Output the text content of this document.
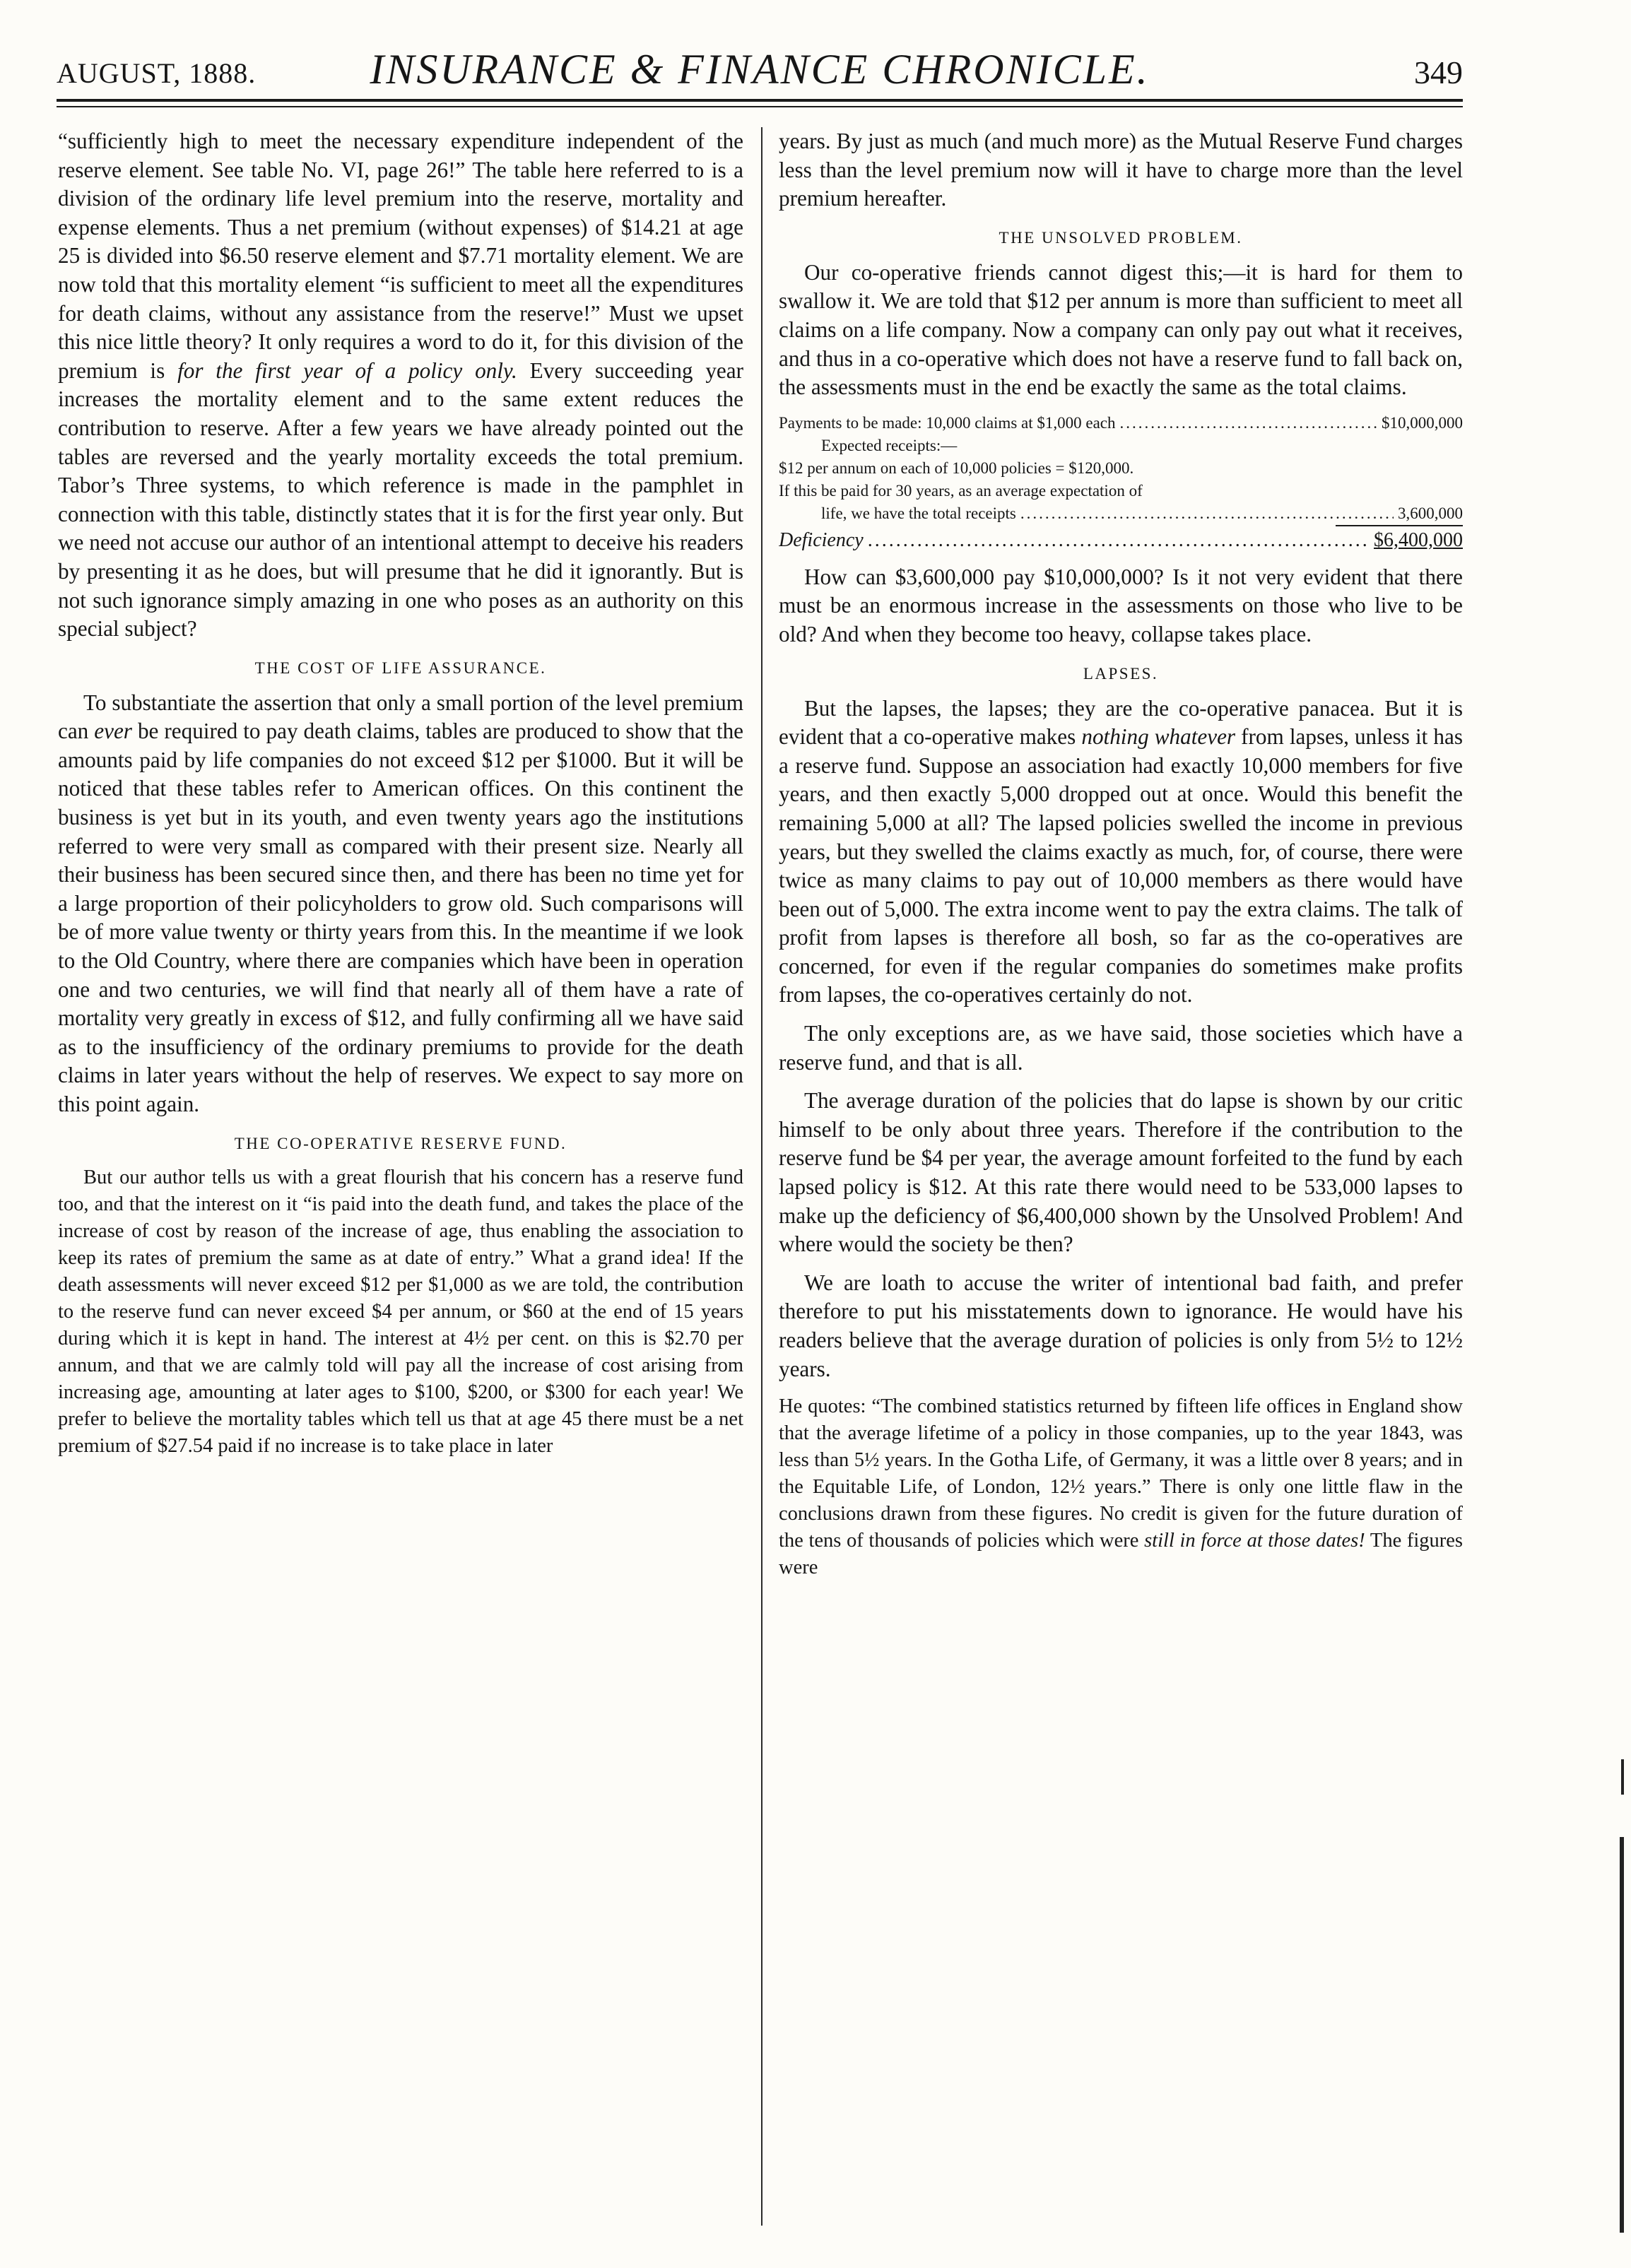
AUGUST, 1888.	INSURANCE & FINANCE CHRONICLE.	349

“sufficiently high to meet the necessary expenditure independent of the reserve element. See table No. VI, page 26!” The table here referred to is a division of the ordinary life level premium into the reserve, mortality and expense elements. Thus a net premium (without expenses) of $14.21 at age 25 is divided into $6.50 reserve element and $7.71 mortality element. We are now told that this mortality element “is sufficient to meet all the expenditures for death claims, without any assistance from the reserve!” Must we upset this nice little theory? It only requires a word to do it, for this division of the premium is for the first year of a policy only. Every succeeding year increases the mortality element and to the same extent reduces the contribution to reserve. After a few years we have already pointed out the tables are reversed and the yearly mortality exceeds the total premium. Tabor’s Three systems, to which reference is made in the pamphlet in connection with this table, distinctly states that it is for the first year only. But we need not accuse our author of an intentional attempt to deceive his readers by presenting it as he does, but will presume that he did it ignorantly. But is not such ignorance simply amazing in one who poses as an authority on this special subject?

THE COST OF LIFE ASSURANCE.

To substantiate the assertion that only a small portion of the level premium can ever be required to pay death claims, tables are produced to show that the amounts paid by life companies do not exceed $12 per $1000. But it will be noticed that these tables refer to American offices. On this continent the business is yet but in its youth, and even twenty years ago the institutions referred to were very small as compared with their present size. Nearly all their business has been secured since then, and there has been no time yet for a large proportion of their policyholders to grow old. Such comparisons will be of more value twenty or thirty years from this. In the meantime if we look to the Old Country, where there are companies which have been in operation one and two centuries, we will find that nearly all of them have a rate of mortality very greatly in excess of $12, and fully confirming all we have said as to the insufficiency of the ordinary premiums to provide for the death claims in later years without the help of reserves. We expect to say more on this point again.

THE CO-OPERATIVE RESERVE FUND.

But our author tells us with a great flourish that his concern has a reserve fund too, and that the interest on it “is paid into the death fund, and takes the place of the increase of cost by reason of the increase of age, thus enabling the association to keep its rates of premium the same as at date of entry.” What a grand idea! If the death assessments will never exceed $12 per $1,000 as we are told, the contribution to the reserve fund can never exceed $4 per annum, or $60 at the end of 15 years during which it is kept in hand. The interest at 4½ per cent. on this is $2.70 per annum, and that we are calmly told will pay all the increase of cost arising from increasing age, amounting at later ages to $100, $200, or $300 for each year! We prefer to believe the mortality tables which tell us that at age 45 there must be a net premium of $27.54 paid if no increase is to take place in later

years. By just as much (and much more) as the Mutual Reserve Fund charges less than the level premium now will it have to charge more than the level premium hereafter.

THE UNSOLVED PROBLEM.

Our co-operative friends cannot digest this;—it is hard for them to swallow it. We are told that $12 per annum is more than sufficient to meet all claims on a life company. Now a company can only pay out what it receives, and thus in a co-operative which does not have a reserve fund to fall back on, the assessments must in the end be exactly the same as the total claims.

Payments to be made: 10,000 claims at $1,000 each .....	$10,000,000
Expected receipts:—
$12 per annum on each of 10,000 policies = $120,000.
If this be paid for 30 years, as an average expectation of
life, we have the total receipts .....	3,600,000
Deficiency .....	$6,400,000

How can $3,600,000 pay $10,000,000? Is it not very evident that there must be an enormous increase in the assessments on those who live to be old? And when they become too heavy, collapse takes place.

LAPSES.

But the lapses, the lapses; they are the co-operative panacea. But it is evident that a co-operative makes nothing whatever from lapses, unless it has a reserve fund. Suppose an association had exactly 10,000 members for five years, and then exactly 5,000 dropped out at once. Would this benefit the remaining 5,000 at all? The lapsed policies swelled the income in previous years, but they swelled the claims exactly as much, for, of course, there were twice as many claims to pay out of 10,000 members as there would have been out of 5,000. The extra income went to pay the extra claims. The talk of profit from lapses is therefore all bosh, so far as the co-operatives are concerned, for even if the regular companies do sometimes make profits from lapses, the co-operatives certainly do not.

The only exceptions are, as we have said, those societies which have a reserve fund, and that is all.

The average duration of the policies that do lapse is shown by our critic himself to be only about three years. Therefore if the contribution to the reserve fund be $4 per year, the average amount forfeited to the fund by each lapsed policy is $12. At this rate there would need to be 533,000 lapses to make up the deficiency of $6,400,000 shown by the Unsolved Problem! And where would the society be then?

We are loath to accuse the writer of intentional bad faith, and prefer therefore to put his misstatements down to ignorance. He would have his readers believe that the average duration of policies is only from 5½ to 12½ years.

He quotes: “The combined statistics returned by fifteen life offices in England show that the average lifetime of a policy in those companies, up to the year 1843, was less than 5½ years. In the Gotha Life, of Germany, it was a little over 8 years; and in the Equitable Life, of London, 12½ years.” There is only one little flaw in the conclusions drawn from these figures. No credit is given for the future duration of the tens of thousands of policies which were still in force at those dates! The figures were
